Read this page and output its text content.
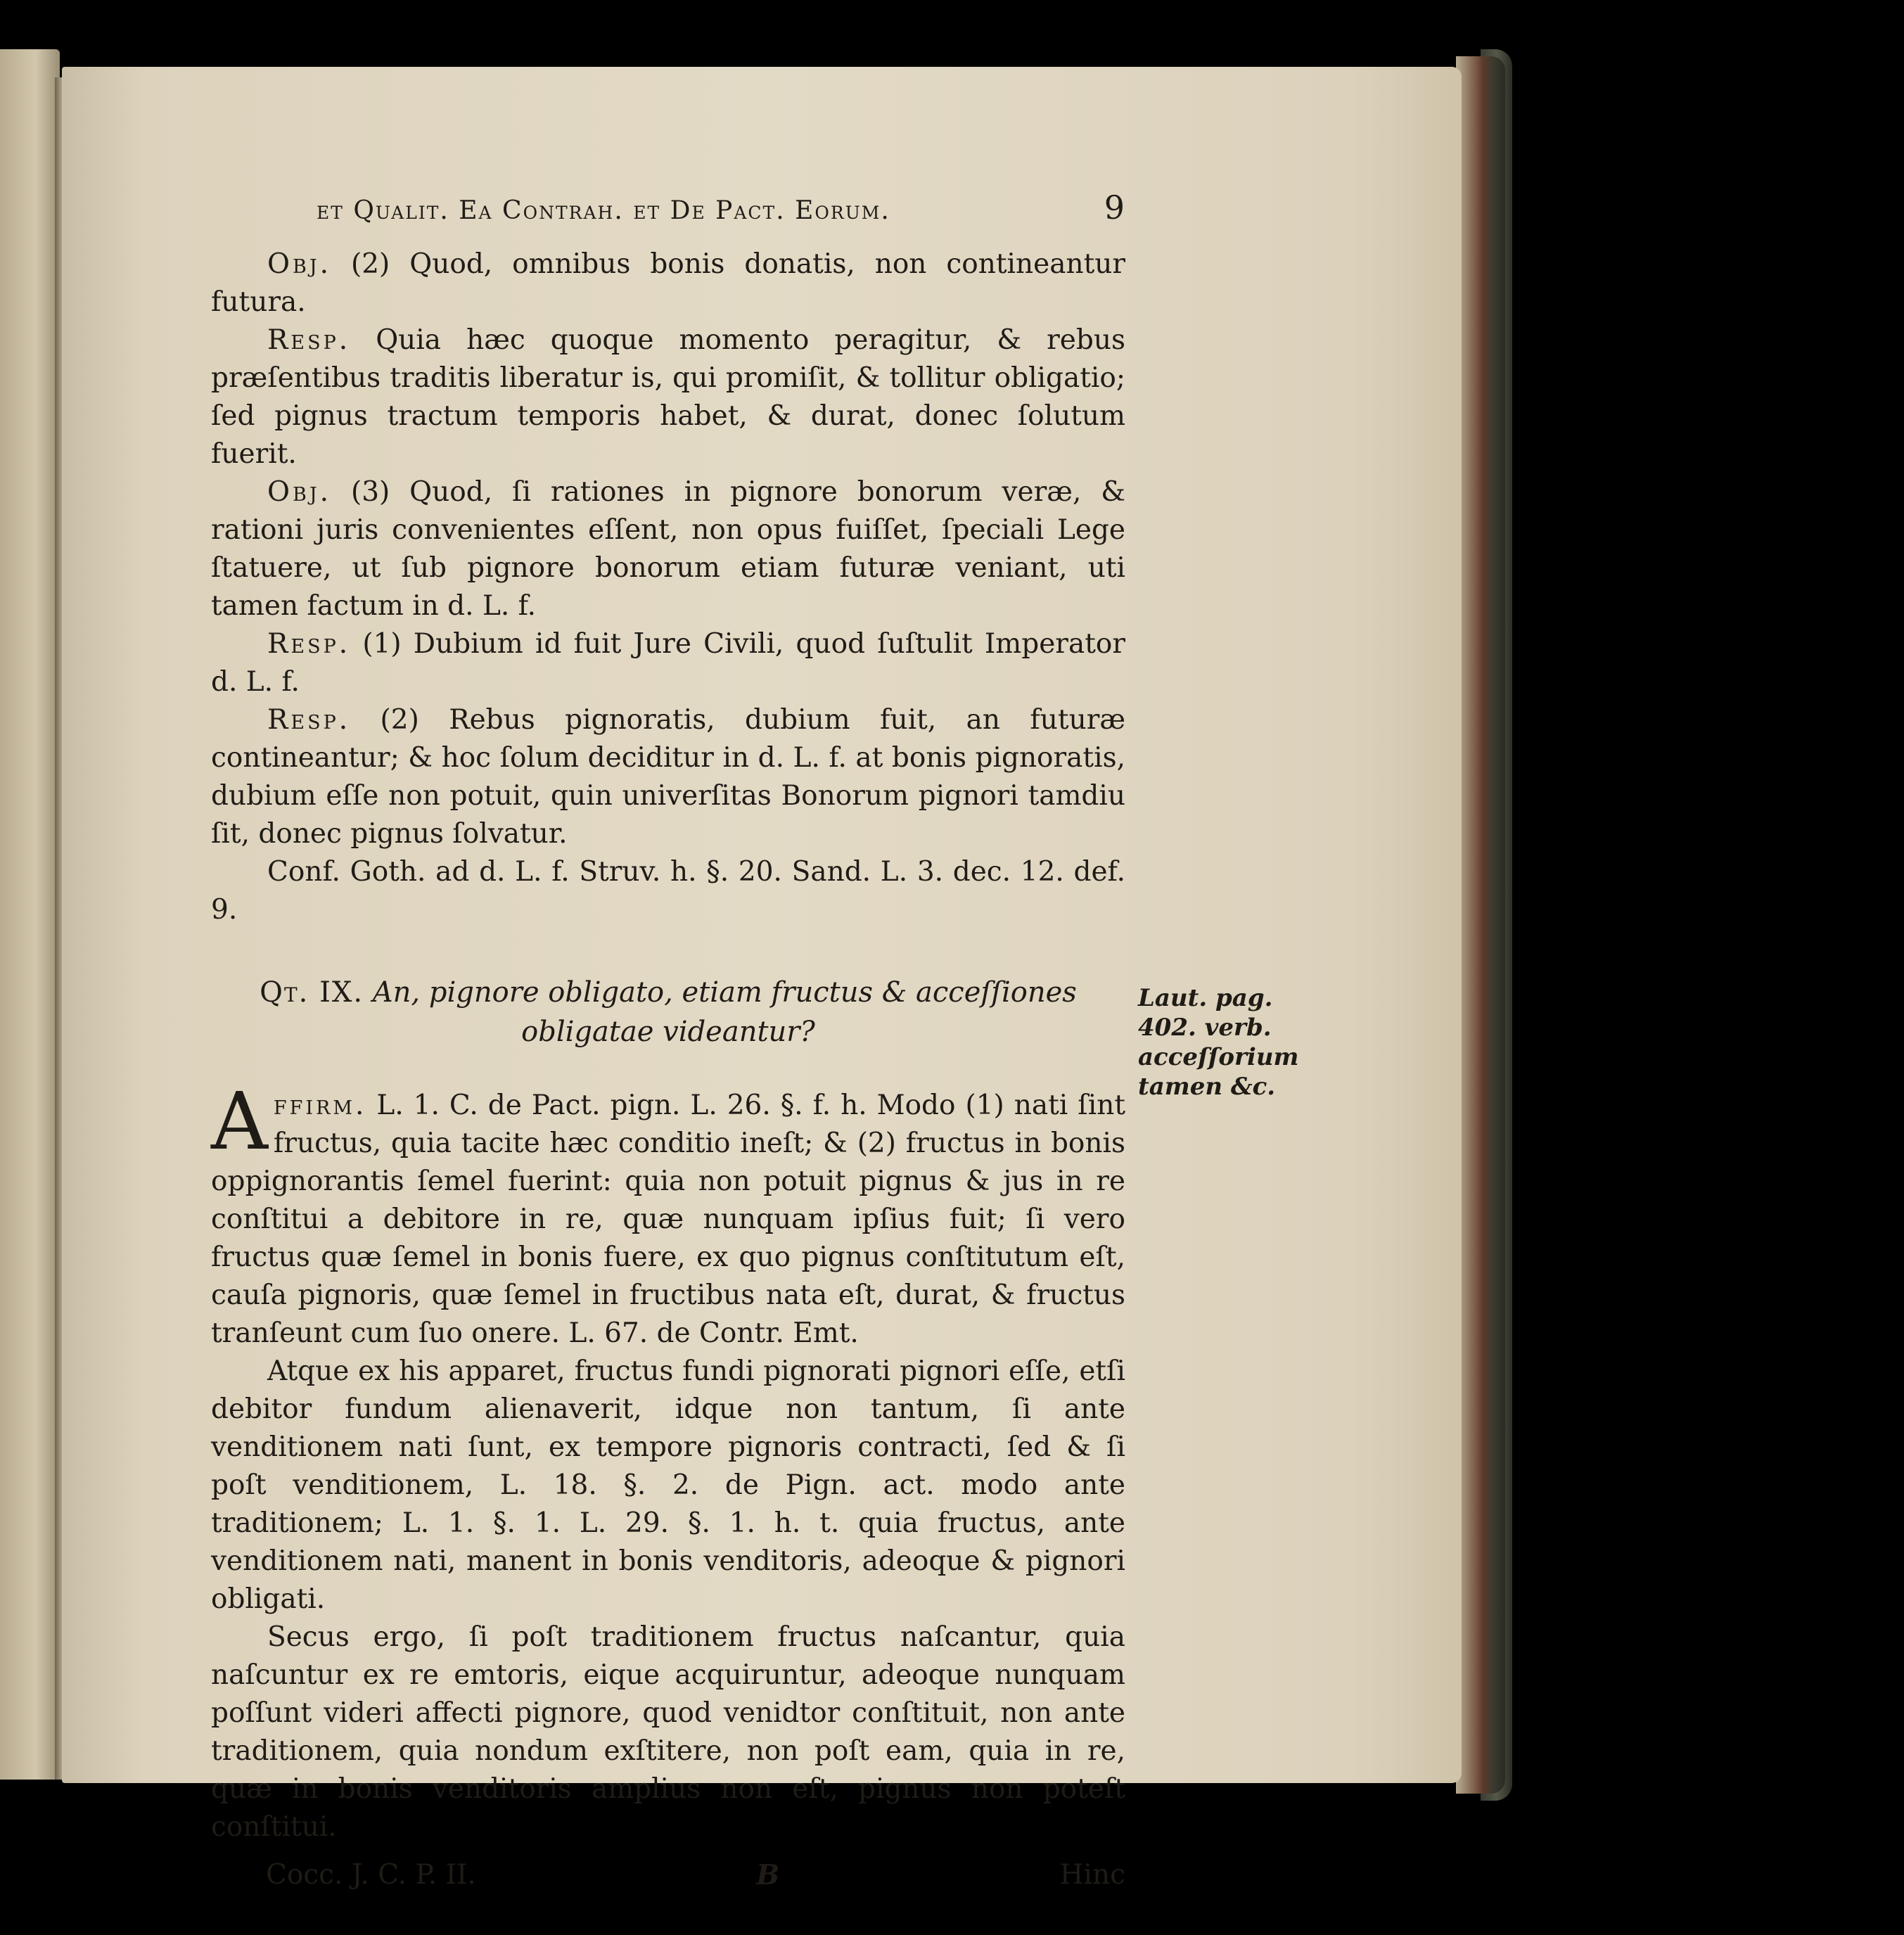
et Qualit. Ea Contrah. et De Pact. Eorum.	9

Obj. (2) Quod, omnibus bonis donatis, non contineantur futura.

Resp. Quia hæc quoque momento peragitur, & rebus præſentibus traditis liberatur is, qui promiſit, & tollitur obligatio; ſed pignus tractum temporis habet, & durat, donec ſolutum fuerit.

Obj. (3) Quod, ſi rationes in pignore bonorum veræ, & rationi juris convenientes eſſent, non opus fuiſſet, ſpeciali Lege ſtatuere, ut ſub pignore bonorum etiam futuræ veniant, uti tamen factum in d. L. f.

Resp. (1) Dubium id fuit Jure Civili, quod ſuſtulit Imperator d. L. f.

Resp. (2) Rebus pignoratis, dubium fuit, an futuræ contineantur; & hoc ſolum deciditur in d. L. f. at bonis pignoratis, dubium eſſe non potuit, quin univerſitas Bonorum pignori tamdiu ſit, donec pignus ſolvatur.

Conf. Goth. ad d. L. f. Struv. h. §. 20. Sand. L. 3. dec. 12. def. 9.

Qt. IX. An, pignore obligato, etiam fructus & acceſſiones obligatae videantur?

Affirm. L. 1. C. de Pact. pign. L. 26. §. f. h. Modo (1) nati ſint fructus, quia tacite hæc conditio ineſt; & (2) fructus in bonis oppignorantis ſemel fuerint: quia non potuit pignus & jus in re conſtitui a debitore in re, quæ nunquam ipſius fuit; ſi vero fructus quæ ſemel in bonis fuere, ex quo pignus conſtitutum eſt, cauſa pignoris, quæ ſemel in fructibus nata eſt, durat, & fructus tranſeunt cum ſuo onere. L. 67. de Contr. Emt.

Atque ex his apparet, fructus fundi pignorati pignori eſſe, etſi debitor fundum alienaverit, idque non tantum, ſi ante venditionem nati ſunt, ex tempore pignoris contracti, ſed & ſi poſt venditionem, L. 18. §. 2. de Pign. act. modo ante traditionem; L. 1. §. 1. L. 29. §. 1. h. t. quia fructus, ante venditionem nati, manent in bonis venditoris, adeoque & pignori obligati.

Secus ergo, ſi poſt traditionem fructus naſcantur, quia naſcuntur ex re emtoris, eique acquiruntur, adeoque nunquam poſſunt videri affecti pignore, quod venidtor conſtituit, non ante traditionem, quia nondum exſtitere, non poſt eam, quia in re, quæ in bonis venditoris amplius non eſt, pignus non poteſt conſtitui.

Cocc. J. C. P. II.	B	Hinc
Laut. pag. 402. verb. acceſſorium tamen &c.
